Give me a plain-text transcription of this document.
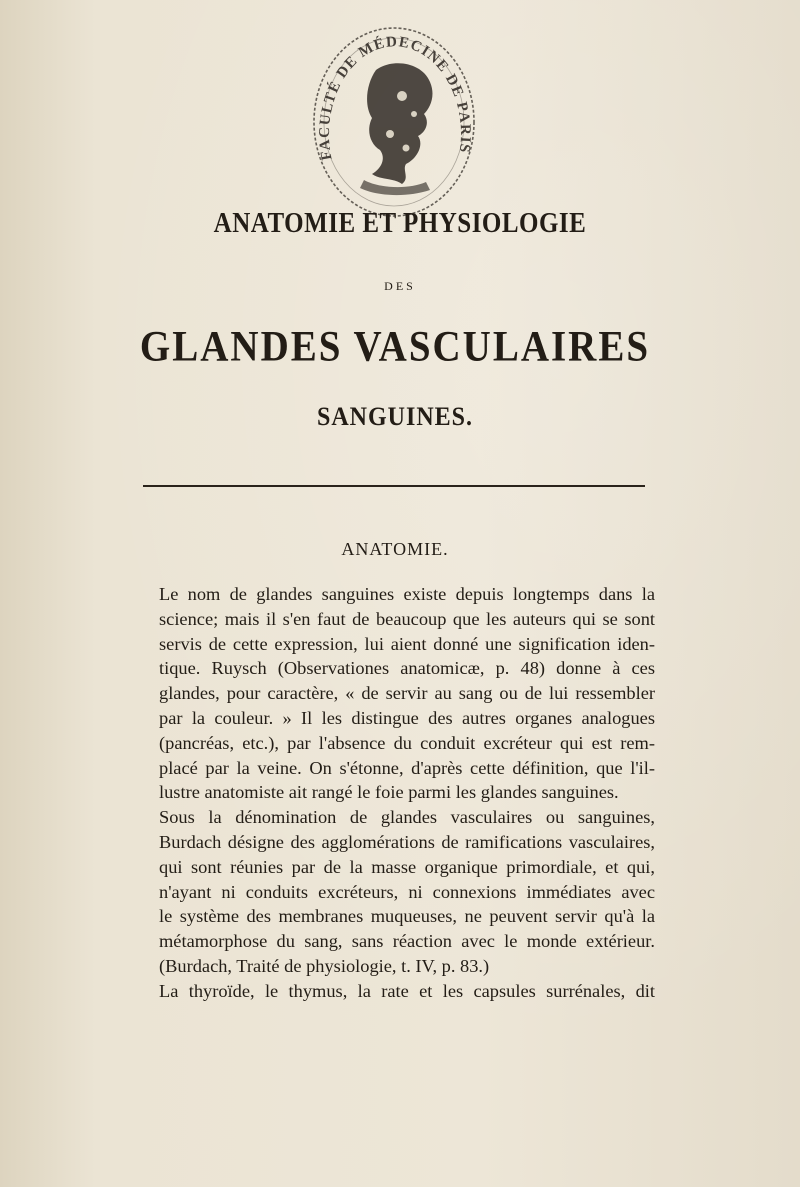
FACULTÉ DE MÉDECINE DE PARIS
ANATOMIE ET PHYSIOLOGIE
DES
GLANDES VASCULAIRES
SANGUINES.
ANATOMIE.

Le nom de glandes sanguines existe depuis longtemps dans la
science; mais il s'en faut de beaucoup que les auteurs qui se sont
servis de cette expression, lui aient donné une signification iden-
tique. Ruysch (Observationes anatomicæ, p. 48) donne à ces
glandes, pour caractère, « de servir au sang ou de lui ressembler
par la couleur. » Il les distingue des autres organes analogues
(pancréas, etc.), par l'absence du conduit excréteur qui est rem-
placé par la veine. On s'étonne, d'après cette définition, que l'il-
lustre anatomiste ait rangé le foie parmi les glandes sanguines.

Sous la dénomination de glandes vasculaires ou sanguines,
Burdach désigne des agglomérations de ramifications vasculaires,
qui sont réunies par de la masse organique primordiale, et qui,
n'ayant ni conduits excréteurs, ni connexions immédiates avec
le système des membranes muqueuses, ne peuvent servir qu'à la
métamorphose du sang, sans réaction avec le monde extérieur.
(Burdach, Traité de physiologie, t. IV, p. 83.)

La thyroïde, le thymus, la rate et les capsules surrénales, dit
